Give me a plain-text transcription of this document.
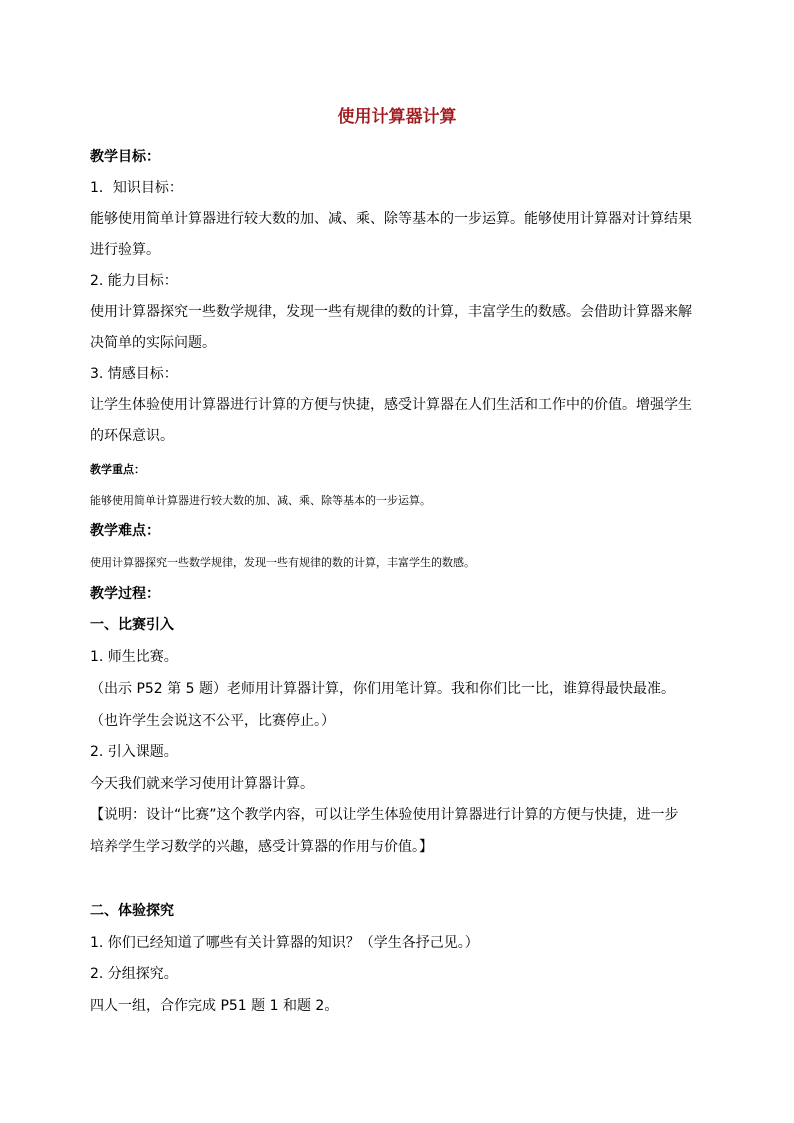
使用计算器计算
教学目标：
1．知识目标：
能够使用简单计算器进行较大数的加、减、乘、除等基本的一步运算。能够使用计算器对计算结果
进行验算。
2. 能力目标：
使用计算器探究一些数学规律，发现一些有规律的数的计算，丰富学生的数感。会借助计算器来解
决简单的实际问题。
3. 情感目标：
让学生体验使用计算器进行计算的方便与快捷，感受计算器在人们生活和工作中的价值。增强学生
的环保意识。
教学重点：
能够使用简单计算器进行较大数的加、减、乘、除等基本的一步运算。
教学难点：
使用计算器探究一些数学规律，发现一些有规律的数的计算，丰富学生的数感。
教学过程：
一、比赛引入
1. 师生比赛。
（出示 P52 第 5 题）老师用计算器计算，你们用笔计算。我和你们比一比，谁算得最快最准。
（也许学生会说这不公平，比赛停止。）
2. 引入课题。
今天我们就来学习使用计算器计算。
【说明：设计“比赛”这个教学内容，可以让学生体验使用计算器进行计算的方便与快捷，进一步
培养学生学习数学的兴趣，感受计算器的作用与价值。】
二、体验探究
1. 你们已经知道了哪些有关计算器的知识？（学生各抒己见。）
2. 分组探究。
四人一组，合作完成 P51 题 1 和题 2。
